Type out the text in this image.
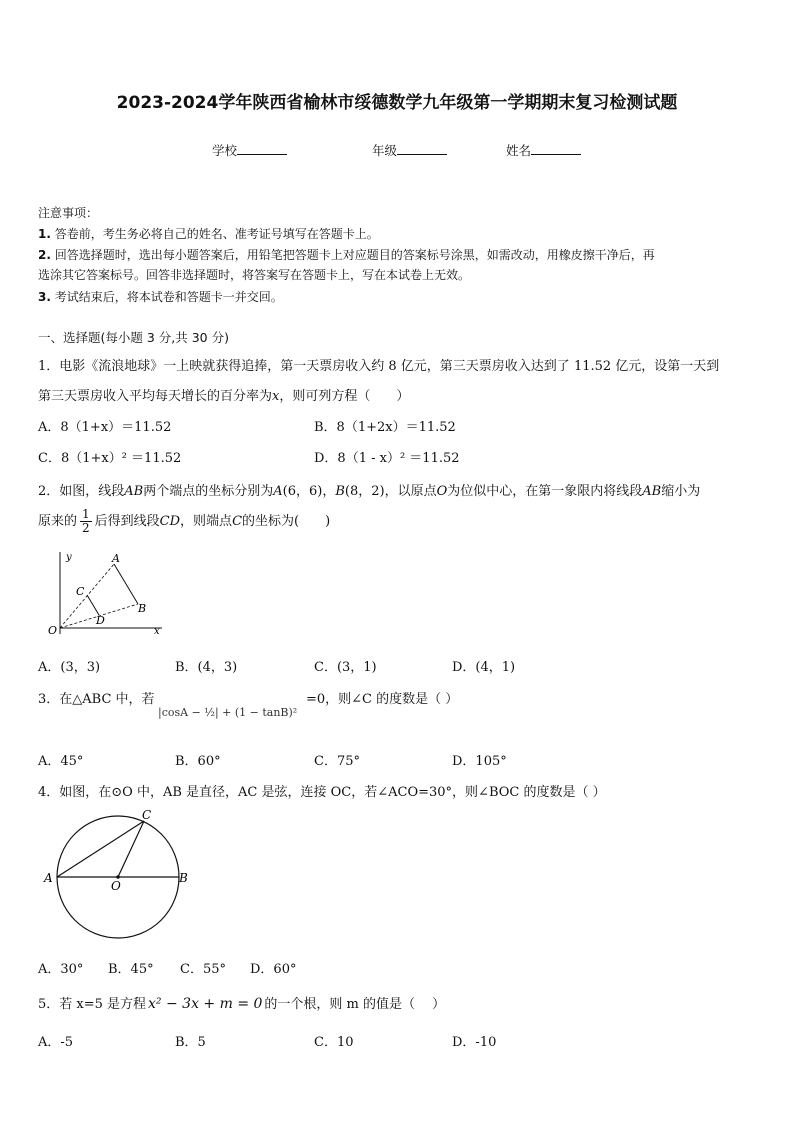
2023-2024学年陕西省榆林市绥德数学九年级第一学期期末复习检测试题
学校	年级	姓名
注意事项：
1. 答卷前，考生务必将自己的姓名、准考证号填写在答题卡上。
2. 回答选择题时，选出每小题答案后，用铅笔把答题卡上对应题目的答案标号涂黑，如需改动，用橡皮擦干净后，再
选涂其它答案标号。回答非选择题时，将答案写在答题卡上，写在本试卷上无效。
3. 考试结束后，将本试卷和答题卡一并交回。
一、选择题(每小题 3 分,共 30 分)
1．电影《流浪地球》一上映就获得追捧，第一天票房收入约 8 亿元，第三天票房收入达到了 11.52 亿元，设第一天到
第三天票房收入平均每天增长的百分率为x，则可列方程（　　）
A．8（1+x）＝11.52	B．8（1+2x）＝11.52
C．8（1+x）² ＝11.52	D．8（1 - x）² ＝11.52
2．如图，线段AB两个端点的坐标分别为A(6，6)，B(8，2)，以原点O为位似中心，在第一象限内将线段AB缩小为
原来的 $\frac{1}{2}$ 后得到线段CD，则端点C的坐标为(　　)
y	A
B
C
D
O	x
A．(3，3)	B．(4，3)	C．(3，1)	D．(4，1)
3．在△ABC 中，若
|cosA − ½| + (1 − tanB)²
=0，则∠C 的度数是（ ）
A．45°	B．60°	C．75°	D．105°
4．如图，在⊙O 中，AB 是直径，AC 是弦，连接 OC，若∠ACO=30°，则∠BOC 的度数是（ ）
A	B
C
O
A．30° B．45° C．55° D．60°
5．若 x=5 是方程 x² − 3x + m = 0 的一个根，则 m 的值是（　 ）
A．-5	B．5	C．10	D．-10
